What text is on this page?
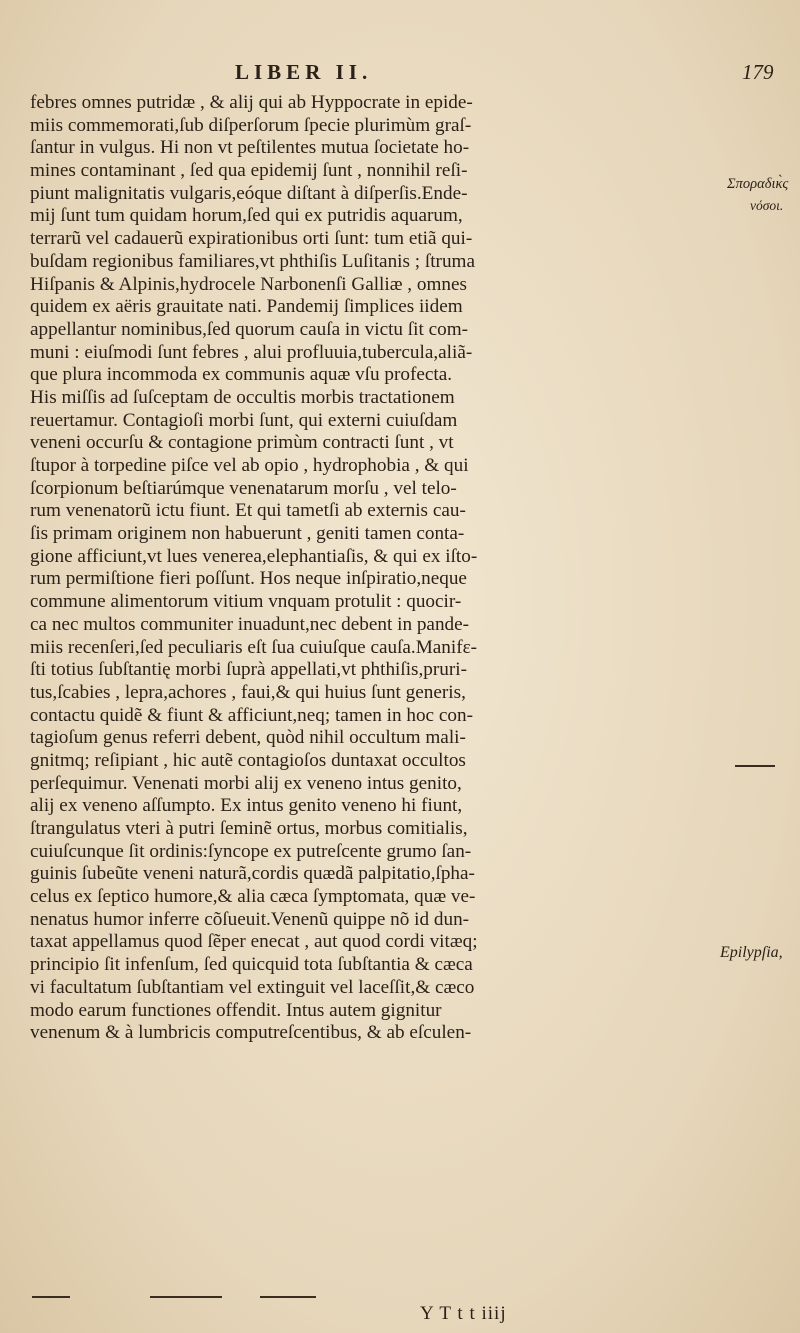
LIBER II.	179
febres omnes putridæ , & alij qui ab Hyppocrate in epide-
miis commemorati,ſub diſperſorum ſpecie plurimùm graſ-
ſantur in vulgus. Hi non vt peſtilentes mutua ſocietate ho-
mines contaminant , ſed qua epidemij ſunt , nonnihil reſi-
piunt malignitatis vulgaris,eóque diſtant à diſperſis.Ende-
mij ſunt tum quidam horum,ſed qui ex putridis aquarum,
terrarũ vel cadauerũ expirationibus orti ſunt: tum etiã qui-
buſdam regionibus familiares,vt phthiſis Luſitanis ; ſtruma
Hiſpanis & Alpinis,hydrocele Narbonenſi Galliæ , omnes
quidem ex aëris grauitate nati. Pandemij ſimplices iidem
appellantur nominibus,ſed quorum cauſa in victu ſit com-
muni : eiuſmodi ſunt febres , alui profluuia,tubercula,aliã-
que plura incommoda ex communis aquæ vſu profecta.
His miſſis ad ſuſceptam de occultis morbis tractationem
reuertamur. Contagioſi morbi ſunt, qui externi cuiuſdam
veneni occurſu & contagione primùm contracti ſunt , vt
ſtupor à torpedine piſce vel ab opio , hydrophobia , & qui
ſcorpionum beſtiarúmque venenatarum morſu , vel telo-
rum venenatorũ ictu fiunt. Et qui tametſi ab externis cau-
ſis primam originem non habuerunt , geniti tamen conta-
gione afficiunt,vt lues venerea,elephantiaſis, & qui ex iſto-
rum permiſtione fieri poſſunt. Hos neque inſpiratio,neque
commune alimentorum vitium vnquam protulit : quocir-
ca nec multos communiter inuadunt,nec debent in pande-
miis recenſeri,ſed peculiaris eſt ſua cuiuſque cauſa.Manifε-
ſti totius ſubſtantię morbi ſuprà appellati,vt phthiſis,pruri-
tus,ſcabies , lepra,achores , faui,& qui huius ſunt generis,
contactu quidẽ & fiunt & afficiunt,neq; tamen in hoc con-
tagioſum genus referri debent, quòd nihil occultum mali-
gnitmq; reſipiant , hic autẽ contagioſos duntaxat occultos
perſequimur. Venenati morbi alij ex veneno intus genito,
alij ex veneno aſſumpto. Ex intus genito veneno hi fiunt,
ſtrangulatus vteri à putri ſeminẽ ortus, morbus comitialis,
cuiuſcunque ſit ordinis:ſyncope ex putreſcente grumo ſan-
guinis ſubeũte veneni naturã,cordis quædã palpitatio,ſpha-
celus ex ſeptico humore,& alia cæca ſymptomata, quæ ve-
nenatus humor inferre cõſueuit.Venenũ quippe nõ id dun-
taxat appellamus quod ſẽper enecat , aut quod cordi vitæq;
principio ſit infenſum, ſed quicquid tota ſubſtantia & cæca
vi facultatum ſubſtantiam vel extinguit vel laceſſit,& cæco
modo earum functiones offendit. Intus autem gignitur
venenum & à lumbricis computreſcentibus, & ab eſculen-
Σποραδικ̀ς
νόσοι.
Epilypſia,
Y T t t iiij
